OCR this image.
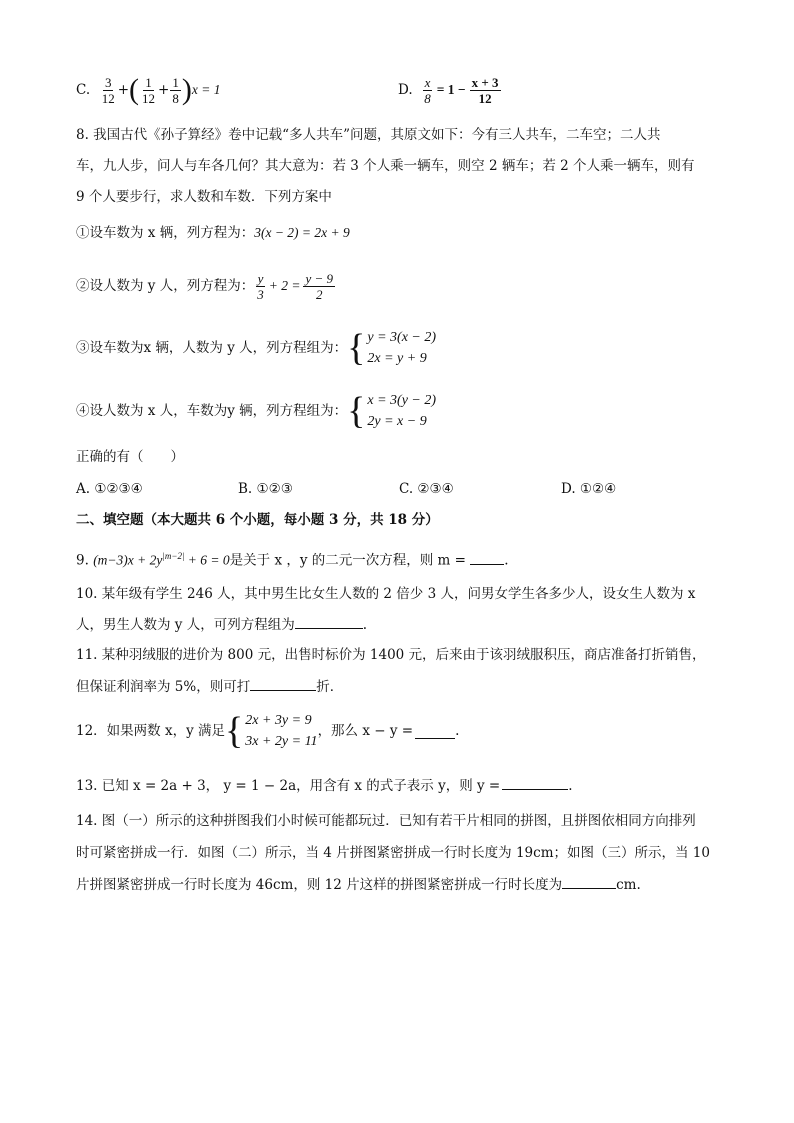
C.
$\frac{3}{12}$ + ( $\frac{1}{12} + \frac{1}{8}$ ) x = 1	D.
$\frac{x}{8} = 1 - \frac{x + 3}{12}$
8. 我国古代《孙子算经》卷中记载“多人共车”问题，其原文如下：今有三人共车，二车空；二人共
车，九人步，问人与车各几何？其大意为：若 3 个人乘一辆车，则空 2 辆车；若 2 个人乘一辆车，则有
9 个人要步行，求人数和车数．下列方案中
①设车数为 x 辆，列方程为：3(x − 2) = 2x + 9
②设人数为 y 人，列方程为： $\frac{y}{3} + 2 = \frac{y - 9}{2}$
③设车数为x 辆，人数为 y 人，列方程组为： { y = 3(x − 2)
2x = y + 9
④设人数为 x 人，车数为y 辆，列方程组为： { x = 3(y − 2)
2y = x − 9
正确的有（　　）
A. ①②③④	B. ①②③	C. ②③④	D. ①②④
二、填空题（本大题共 6 个小题，每小题 3 分，共 18 分）
9. $(m-3)x + 2y^{|m-2|} + 6 = 0$是关于 x ，y 的二元一次方程，则 m =	.
10. 某年级有学生 246 人，其中男生比女生人数的 2 倍少 3 人，问男女学生各多少人，设女生人数为 x
人，男生人数为 y 人，可列方程组为	.
11. 某种羽绒服的进价为 800 元，出售时标价为 1400 元，后来由于该羽绒服积压，商店准备打折销售，
但保证利润率为 5%，则可打	折．
12．如果两数 x，y 满足 { 2x + 3y = 9
3x + 2y = 11
，那么 x − y =	.
13. 已知 x = 2a + 3， y = 1 − 2a，用含有 x 的式子表示 y，则 y =	.
14. 图（一）所示的这种拼图我们小时候可能都玩过．已知有若干片相同的拼图，且拼图依相同方向排列
时可紧密拼成一行．如图（二）所示，当 4 片拼图紧密拼成一行时长度为 19cm；如图（三）所示，当 10
片拼图紧密拼成一行时长度为 46cm，则 12 片这样的拼图紧密拼成一行时长度为	cm.
